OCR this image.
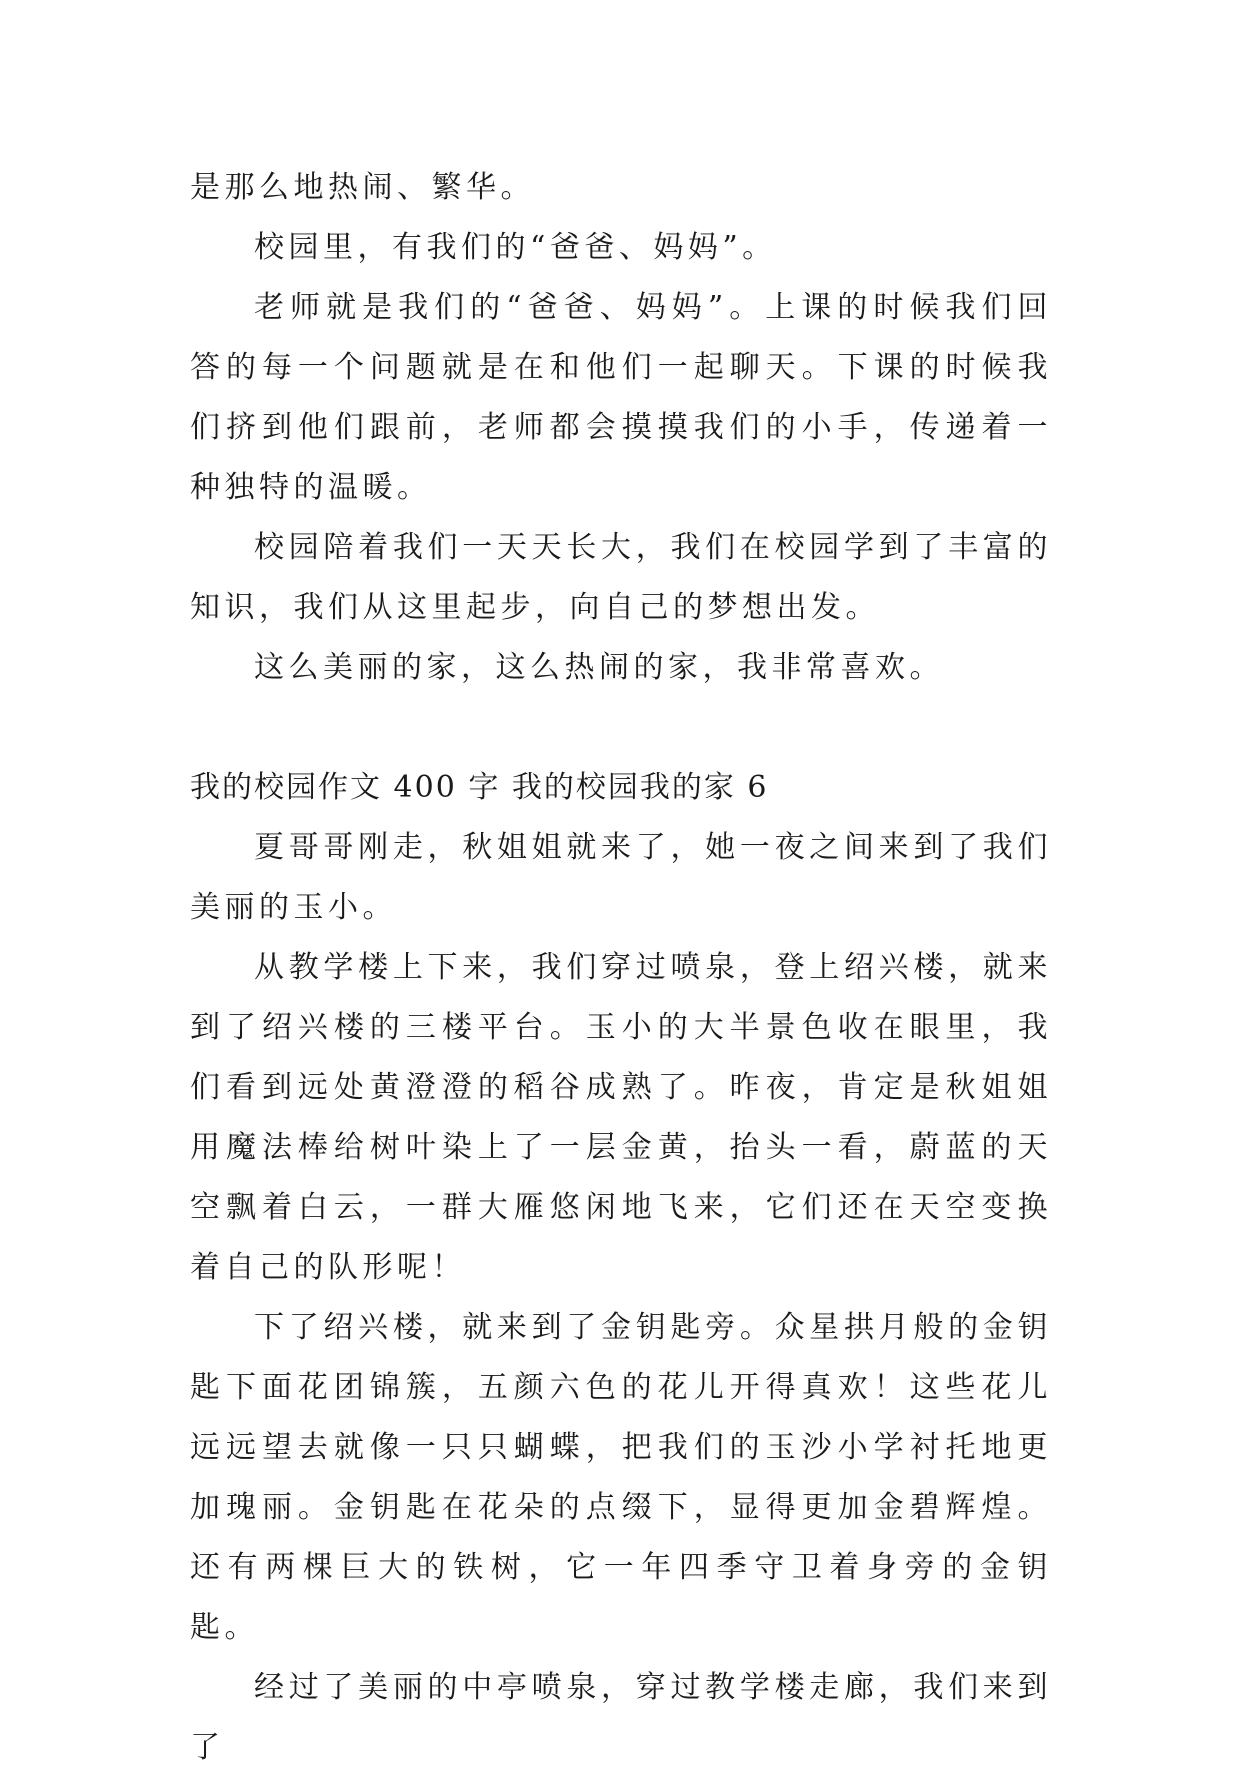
是那么地热闹、繁华。

校园里，有我们的“爸爸、妈妈”。

老师就是我们的“爸爸、妈妈”。上课的时候我们回答的每一个问题就是在和他们一起聊天。下课的时候我们挤到他们跟前，老师都会摸摸我们的小手，传递着一种独特的温暖。

校园陪着我们一天天长大，我们在校园学到了丰富的知识，我们从这里起步，向自己的梦想出发。

这么美丽的家，这么热闹的家，我非常喜欢。

我的校园作文 400 字 我的校园我的家 6

夏哥哥刚走，秋姐姐就来了，她一夜之间来到了我们美丽的玉小。

从教学楼上下来，我们穿过喷泉，登上绍兴楼，就来到了绍兴楼的三楼平台。玉小的大半景色收在眼里，我们看到远处黄澄澄的稻谷成熟了。昨夜，肯定是秋姐姐用魔法棒给树叶染上了一层金黄，抬头一看，蔚蓝的天空飘着白云，一群大雁悠闲地飞来，它们还在天空变换着自己的队形呢！

下了绍兴楼，就来到了金钥匙旁。众星拱月般的金钥匙下面花团锦簇，五颜六色的花儿开得真欢！这些花儿远远望去就像一只只蝴蝶，把我们的玉沙小学衬托地更加瑰丽。金钥匙在花朵的点缀下，显得更加金碧辉煌。还有两棵巨大的铁树，它一年四季守卫着身旁的金钥匙。

经过了美丽的中亭喷泉，穿过教学楼走廊，我们来到了
